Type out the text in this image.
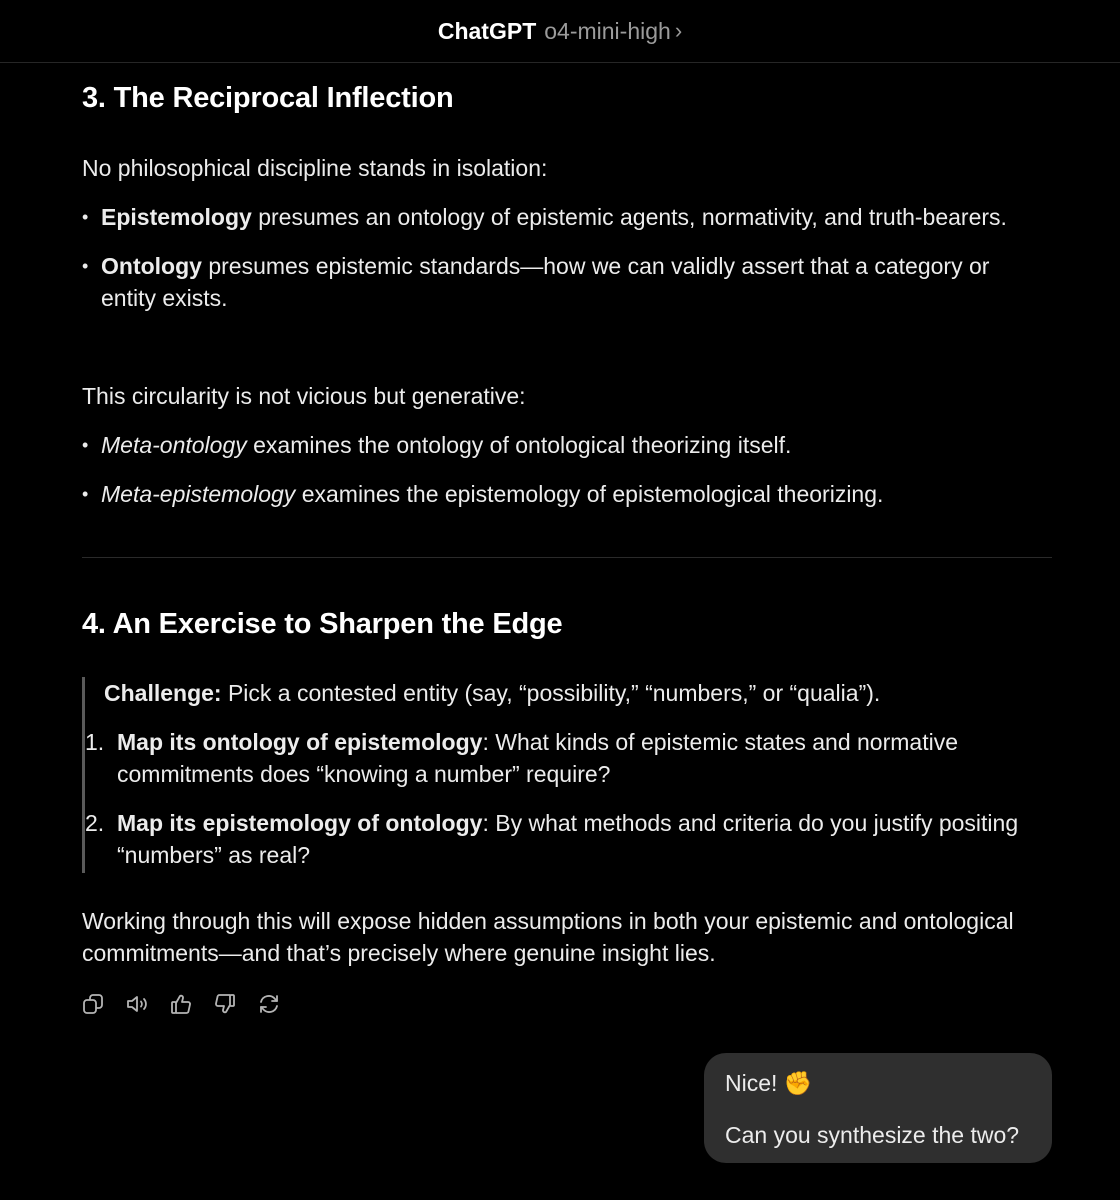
ChatGPT o4-mini-high ›
3. The Reciprocal Inflection

No philosophical discipline stands in isolation:

• Epistemology presumes an ontology of epistemic agents, normativity, and truth-bearers.
• Ontology presumes epistemic standards—how we can validly assert that a category or entity exists.

This circularity is not vicious but generative:

• Meta-ontology examines the ontology of ontological theorizing itself.
• Meta-epistemology examines the epistemology of epistemological theorizing.
4. An Exercise to Sharpen the Edge

Challenge: Pick a contested entity (say, “possibility,” “numbers,” or “qualia”).

1. Map its ontology of epistemology: What kinds of epistemic states and normative commitments does “knowing a number” require?
2. Map its epistemology of ontology: By what methods and criteria do you justify positing “numbers” as real?

Working through this will expose hidden assumptions in both your epistemic and ontological commitments—and that’s precisely where genuine insight lies.

Nice! ✊
Can you synthesize the two?
